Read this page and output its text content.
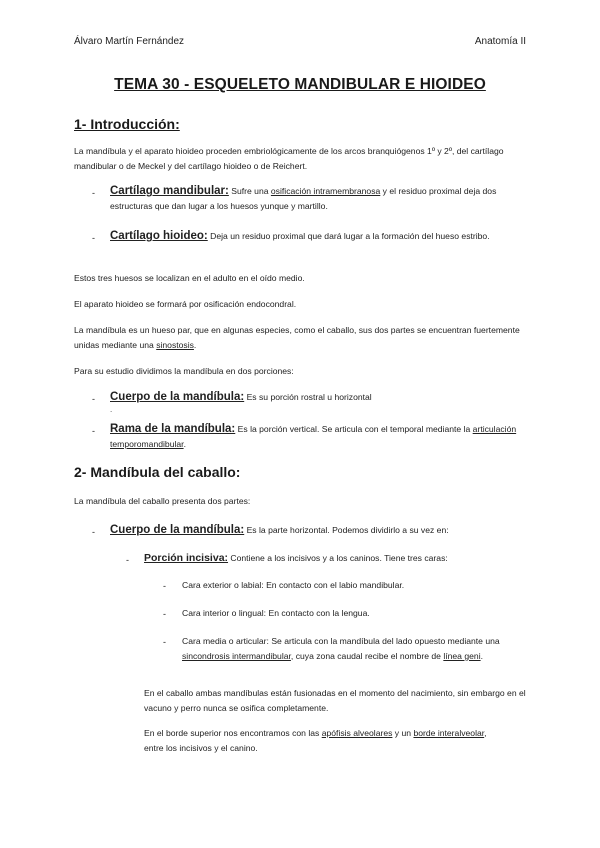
Álvaro Martín Fernández	Anatomía II
TEMA 30 - ESQUELETO MANDIBULAR E HIOIDEO
1- Introducción:
La mandíbula y el aparato hioideo proceden embriológicamente de los arcos branquiógenos 1º y 2º, del cartílago mandibular o de Meckel y del cartílago hioideo o de Reichert.
- Cartílago mandibular: Sufre una osificación intramembranosa y el residuo proximal deja dos estructuras que dan lugar a los huesos yunque y martillo.
- Cartílago hioideo: Deja un residuo proximal que dará lugar a la formación del hueso estribo.
Estos tres huesos se localizan en el adulto en el oído medio.
El aparato hioideo se formará por osificación endocondral.
La mandíbula es un hueso par, que en algunas especies, como el caballo, sus dos partes se encuentran fuertemente unidas mediante una sinostosis.
Para su estudio dividimos la mandíbula en dos porciones:
- Cuerpo de la mandíbula: Es su porción rostral u horizontal
.
- Rama de la mandíbula: Es la porción vertical. Se articula con el temporal mediante la articulación temporomandibular.
2- Mandíbula del caballo:
La mandíbula del caballo presenta dos partes:
- Cuerpo de la mandíbula: Es la parte horizontal. Podemos dividirlo a su vez en:
- Porción incisiva: Contiene a los incisivos y a los caninos. Tiene tres caras:
- Cara exterior o labial: En contacto con el labio mandibular.
- Cara interior o lingual: En contacto con la lengua.
- Cara media o articular: Se articula con la mandíbula del lado opuesto mediante una sincondrosis intermandibular, cuya zona caudal recibe el nombre de línea geni.
En el caballo ambas mandíbulas están fusionadas en el momento del nacimiento, sin embargo en el vacuno y perro nunca se osifica completamente.
En el borde superior nos encontramos con las apófisis alveolares y un borde interalveolar, entre los incisivos y el canino.
